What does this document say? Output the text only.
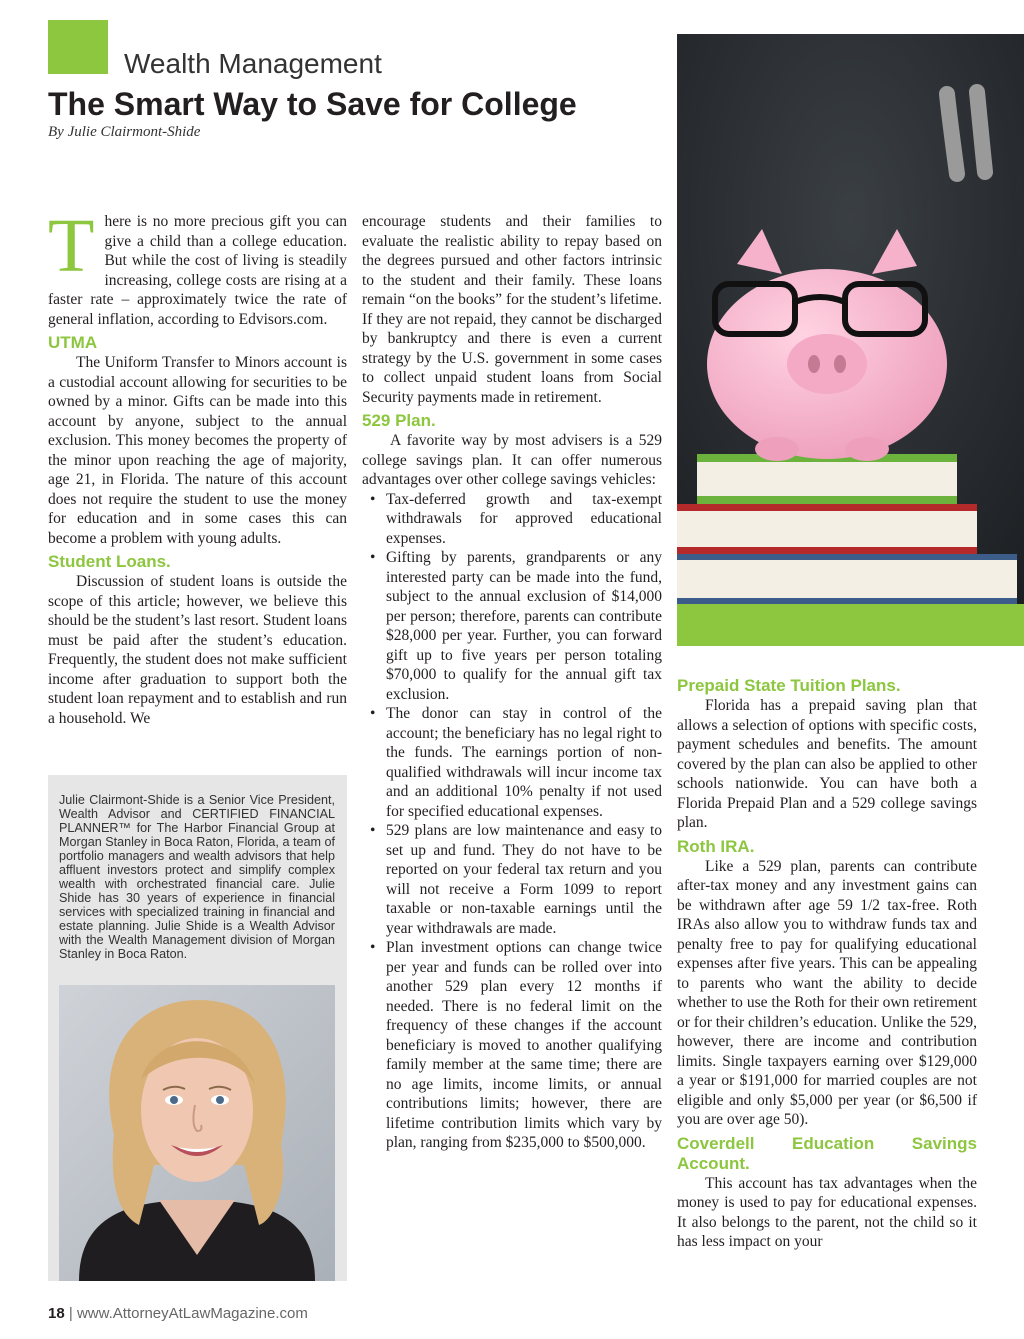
Wealth Management
The Smart Way to Save for College
By Julie Clairmont-Shide

There is no more precious gift you can give a child than a college education. But while the cost of living is steadily increasing, college costs are rising at a faster rate – approximately twice the rate of general inflation, according to Edvisors.com.

UTMA

The Uniform Transfer to Minors account is a custodial account allowing for securities to be owned by a minor. Gifts can be made into this account by anyone, subject to the annual exclusion. This money becomes the property of the minor upon reaching the age of majority, age 21, in Florida. The nature of this account does not require the student to use the money for education and in some cases this can become a problem with young adults.

Student Loans.

Discussion of student loans is outside the scope of this article; however, we believe this should be the student’s last resort. Student loans must be paid after the student’s education. Frequently, the student does not make sufficient income after graduation to support both the student loan repayment and to establish and run a household. We

Julie Clairmont-Shide is a Senior Vice President, Wealth Advisor and CERTIFIED FINANCIAL PLANNER™ for The Harbor Financial Group at Morgan Stanley in Boca Raton, Florida, a team of portfolio managers and wealth advisors that help affluent investors protect and simplify complex wealth with orchestrated financial care. Julie Shide has 30 years of experience in financial services with specialized training in financial and estate planning. Julie Shide is a Wealth Advisor with the Wealth Management division of Morgan Stanley in Boca Raton.

encourage students and their families to evaluate the realistic ability to repay based on the degrees pursued and other factors intrinsic to the student and their family. These loans remain “on the books” for the student’s lifetime. If they are not repaid, they cannot be discharged by bankruptcy and there is even a current strategy by the U.S. government in some cases to collect unpaid student loans from Social Security payments made in retirement.

529 Plan.

A favorite way by most advisers is a 529 college savings plan. It can offer numerous advantages over other college savings vehicles:

• Tax-deferred growth and tax-exempt withdrawals for approved educational expenses.
• Gifting by parents, grandparents or any interested party can be made into the fund, subject to the annual exclusion of $14,000 per person; therefore, parents can contribute $28,000 per year. Further, you can forward gift up to five years per person totaling $70,000 to qualify for the annual gift tax exclusion.
• The donor can stay in control of the account; the beneficiary has no legal right to the funds. The earnings portion of non-qualified withdrawals will incur income tax and an additional 10% penalty if not used for specified educational expenses.
• 529 plans are low maintenance and easy to set up and fund. They do not have to be reported on your federal tax return and you will not receive a Form 1099 to report taxable or non-taxable earnings until the year withdrawals are made.
• Plan investment options can change twice per year and funds can be rolled over into another 529 plan every 12 months if needed. There is no federal limit on the frequency of these changes if the account beneficiary is moved to another qualifying family member at the same time; there are no age limits, income limits, or annual contributions limits; however, there are lifetime contribution limits which vary by plan, ranging from $235,000 to $500,000.
Prepaid State Tuition Plans.

Florida has a prepaid saving plan that allows a selection of options with specific costs, payment schedules and benefits. The amount covered by the plan can also be applied to other schools nationwide. You can have both a Florida Prepaid Plan and a 529 college savings plan.

Roth IRA.

Like a 529 plan, parents can contribute after-tax money and any investment gains can be withdrawn after age 59 1/2 tax-free. Roth IRAs also allow you to withdraw funds tax and penalty free to pay for qualifying educational expenses after five years. This can be appealing to parents who want the ability to decide whether to use the Roth for their own retirement or for their children’s education. Unlike the 529, however, there are income and contribution limits. Single taxpayers earning over $129,000 a year or $191,000 for married couples are not eligible and only $5,000 per year (or $6,500 if you are over age 50).

Coverdell Education Savings Account.

This account has tax advantages when the money is used to pay for educational expenses. It also belongs to the parent, not the child so it has less impact on your

18 | www.AttorneyAtLawMagazine.com
